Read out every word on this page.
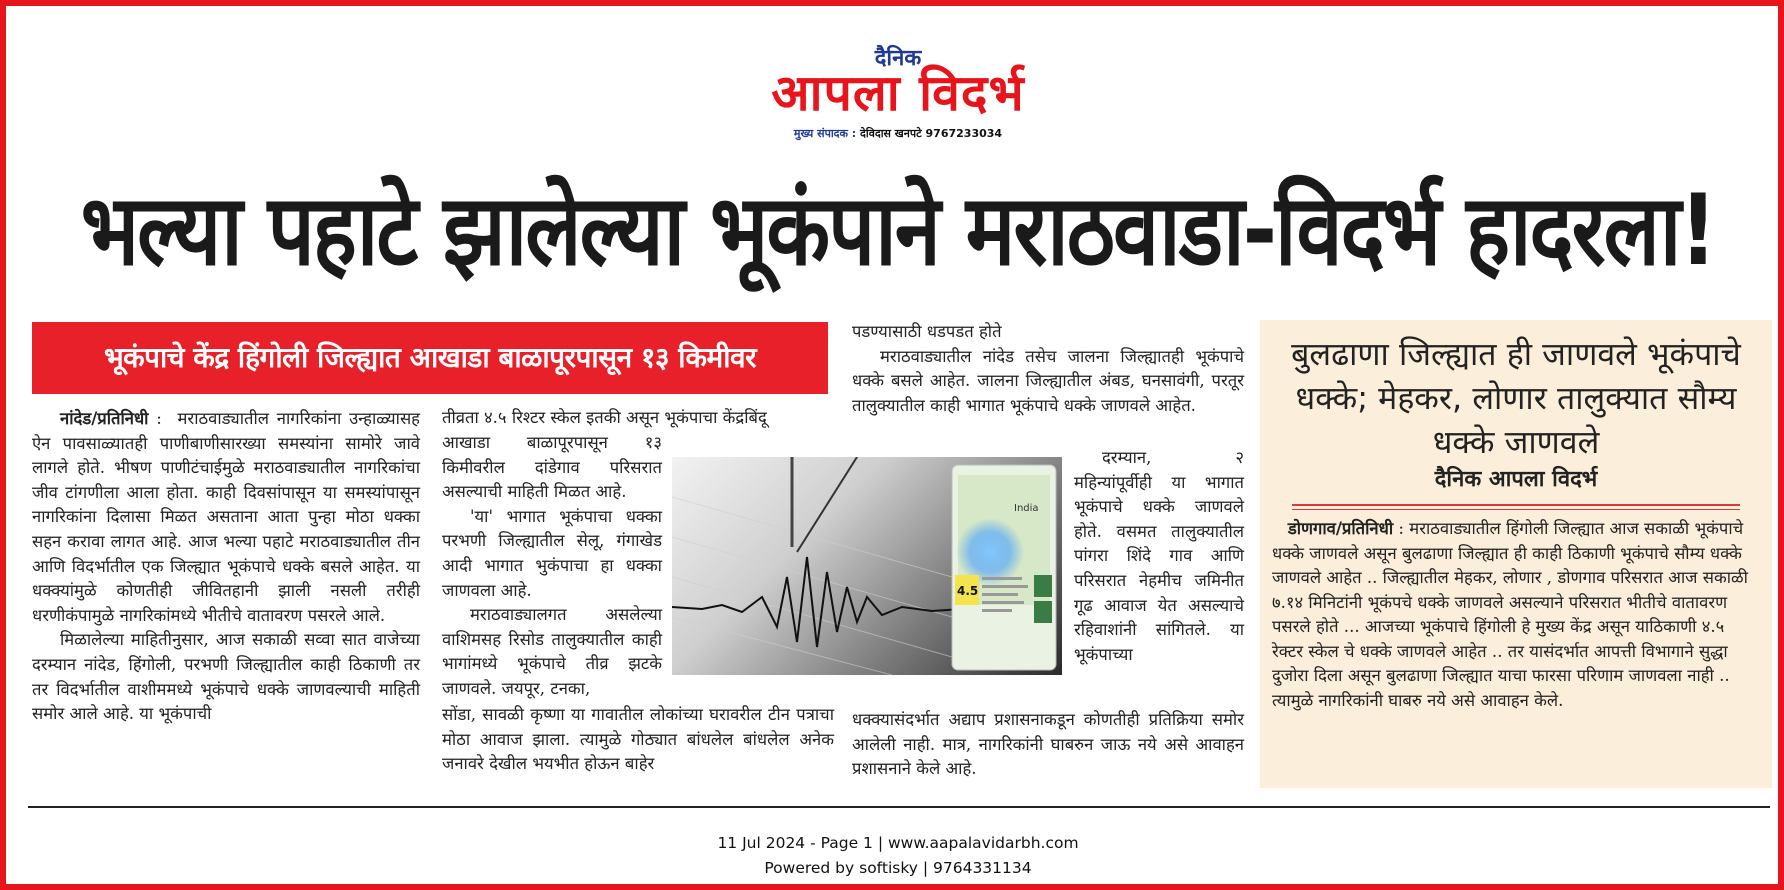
दैनिक
आपला विदर्भ
मुख्य संपादक : देविदास खनपटे 9767233034
भल्या पहाटे झालेल्या भूकंपाने मराठवाडा-विदर्भ हादरला!
भूकंपाचे केंद्र हिंगोली जिल्ह्यात आखाडा बाळापूरपासून १३ किमीवर

नांदेड/प्रतिनिधी :  मराठवाड्यातील नागरिकांना उन्हाळ्यासह ऐन पावसाळ्यातही पाणीबाणीसारख्या समस्यांना सामोरे जावे लागले होते. भीषण पाणीटंचाईमुळे मराठवाड्यातील नागरिकांचा जीव टांगणीला आला होता. काही दिवसांपासून या समस्यांपासून नागरिकांना दिलासा मिळत असताना आता पुन्हा मोठा धक्का सहन करावा लागत आहे. आज भल्या पहाटे मराठवाड्यातील तीन आणि विदर्भातील एक जिल्ह्यात भूकंपाचे धक्के बसले आहेत. या धक्क्यांमुळे कोणतीही जीवितहानी झाली नसली तरीही धरणीकंपामुळे नागरिकांमध्ये भीतीचे वातावरण पसरले आले.

मिळालेल्या माहितीनुसार, आज सकाळी सव्वा सात वाजेच्या दरम्यान नांदेड, हिंगोली, परभणी जिल्ह्यातील काही ठिकाणी तर तर विदर्भातील वाशीममध्ये भूकंपाचे धक्के जाणवल्याची माहिती समोर आले आहे. या भूकंपाची

तीव्रता ४.५ रिश्टर स्केल इतकी असून भूकंपाचा केंद्रबिंदू

आखाडा बाळापूरपासून १३ किमीवरील दांडेगाव परिसरात असल्याची माहिती मिळत आहे.

'या' भागात भूकंपाचा धक्का परभणी जिल्ह्यातील सेलू, गंगाखेड आदी भागात भुकंपाचा हा धक्का जाणवला आहे.

मराठवाड्यालगत असलेल्या वाशिमसह रिसोड तालुक्यातील काही भागांमध्ये भूकंपाचे तीव्र झटके जाणवले. जयपूर, टनका,

सोंडा, सावळी कृष्णा या गावातील लोकांच्या घरावरील टीन पत्राचा मोठा आवाज झाला. त्यामुळे गोठ्यात बांधलेल बांधलेल अनेक जनावरे देखील भयभीत होऊन बाहेर
India
4.5

पडण्यासाठी धडपडत होते

मराठवाड्यातील नांदेड तसेच जालना जिल्ह्यातही भूकंपाचे धक्के बसले आहेत. जालना जिल्ह्यातील अंबड, घनसावंगी, परतूर तालुक्यातील काही भागात भूकंपाचे धक्के जाणवले आहेत.

दरम्यान, २ महिन्यांपूर्वीही या भागात भूकंपाचे धक्के जाणवले होते. वसमत तालुक्यातील पांगरा शिंदे गाव आणि परिसरात नेहमीच जमिनीत गूढ आवाज येत असल्याचे रहिवाशांनी सांगितले. या भूकंपाच्या

धक्क्यासंदर्भात अद्याप प्रशासनाकडून कोणतीही प्रतिक्रिया समोर आलेली नाही. मात्र, नागरिकांनी घाबरुन जाऊ नये असे आवाहन प्रशासनाने केले आहे.
बुलढाणा जिल्ह्यात ही जाणवले भूकंपाचे धक्के; मेहकर, लोणार तालुक्यात सौम्य धक्के जाणवले
दैनिक आपला विदर्भ

डोणगाव/प्रतिनिधी : मराठवाड्यातील हिंगोली जिल्ह्यात आज सकाळी भूकंपाचे धक्के जाणवले असून बुलढाणा जिल्ह्यात ही काही ठिकाणी भूकंपाचे सौम्य धक्के जाणवले आहेत .. जिल्ह्यातील मेहकर, लोणार , डोणगाव परिसरात आज सकाळी ७.१४ मिनिटांनी भूकंपचे धक्के जाणवले असल्याने परिसरात भीतीचे वातावरण पसरले होते ... आजच्या भूकंपाचे हिंगोली हे मुख्य केंद्र असून याठिकाणी ४.५ रेक्टर स्केल चे धक्के जाणवले आहेत .. तर यासंदर्भात आपत्ती विभागाने सुद्धा दुजोरा दिला असून बुलढाणा जिल्ह्यात याचा फारसा परिणाम जाणवला नाही .. त्यामुळे नागरिकांनी घाबरु नये असे आवाहन केले.

11 Jul 2024 - Page 1 | www.aapalavidarbh.com
Powered by softisky | 9764331134
